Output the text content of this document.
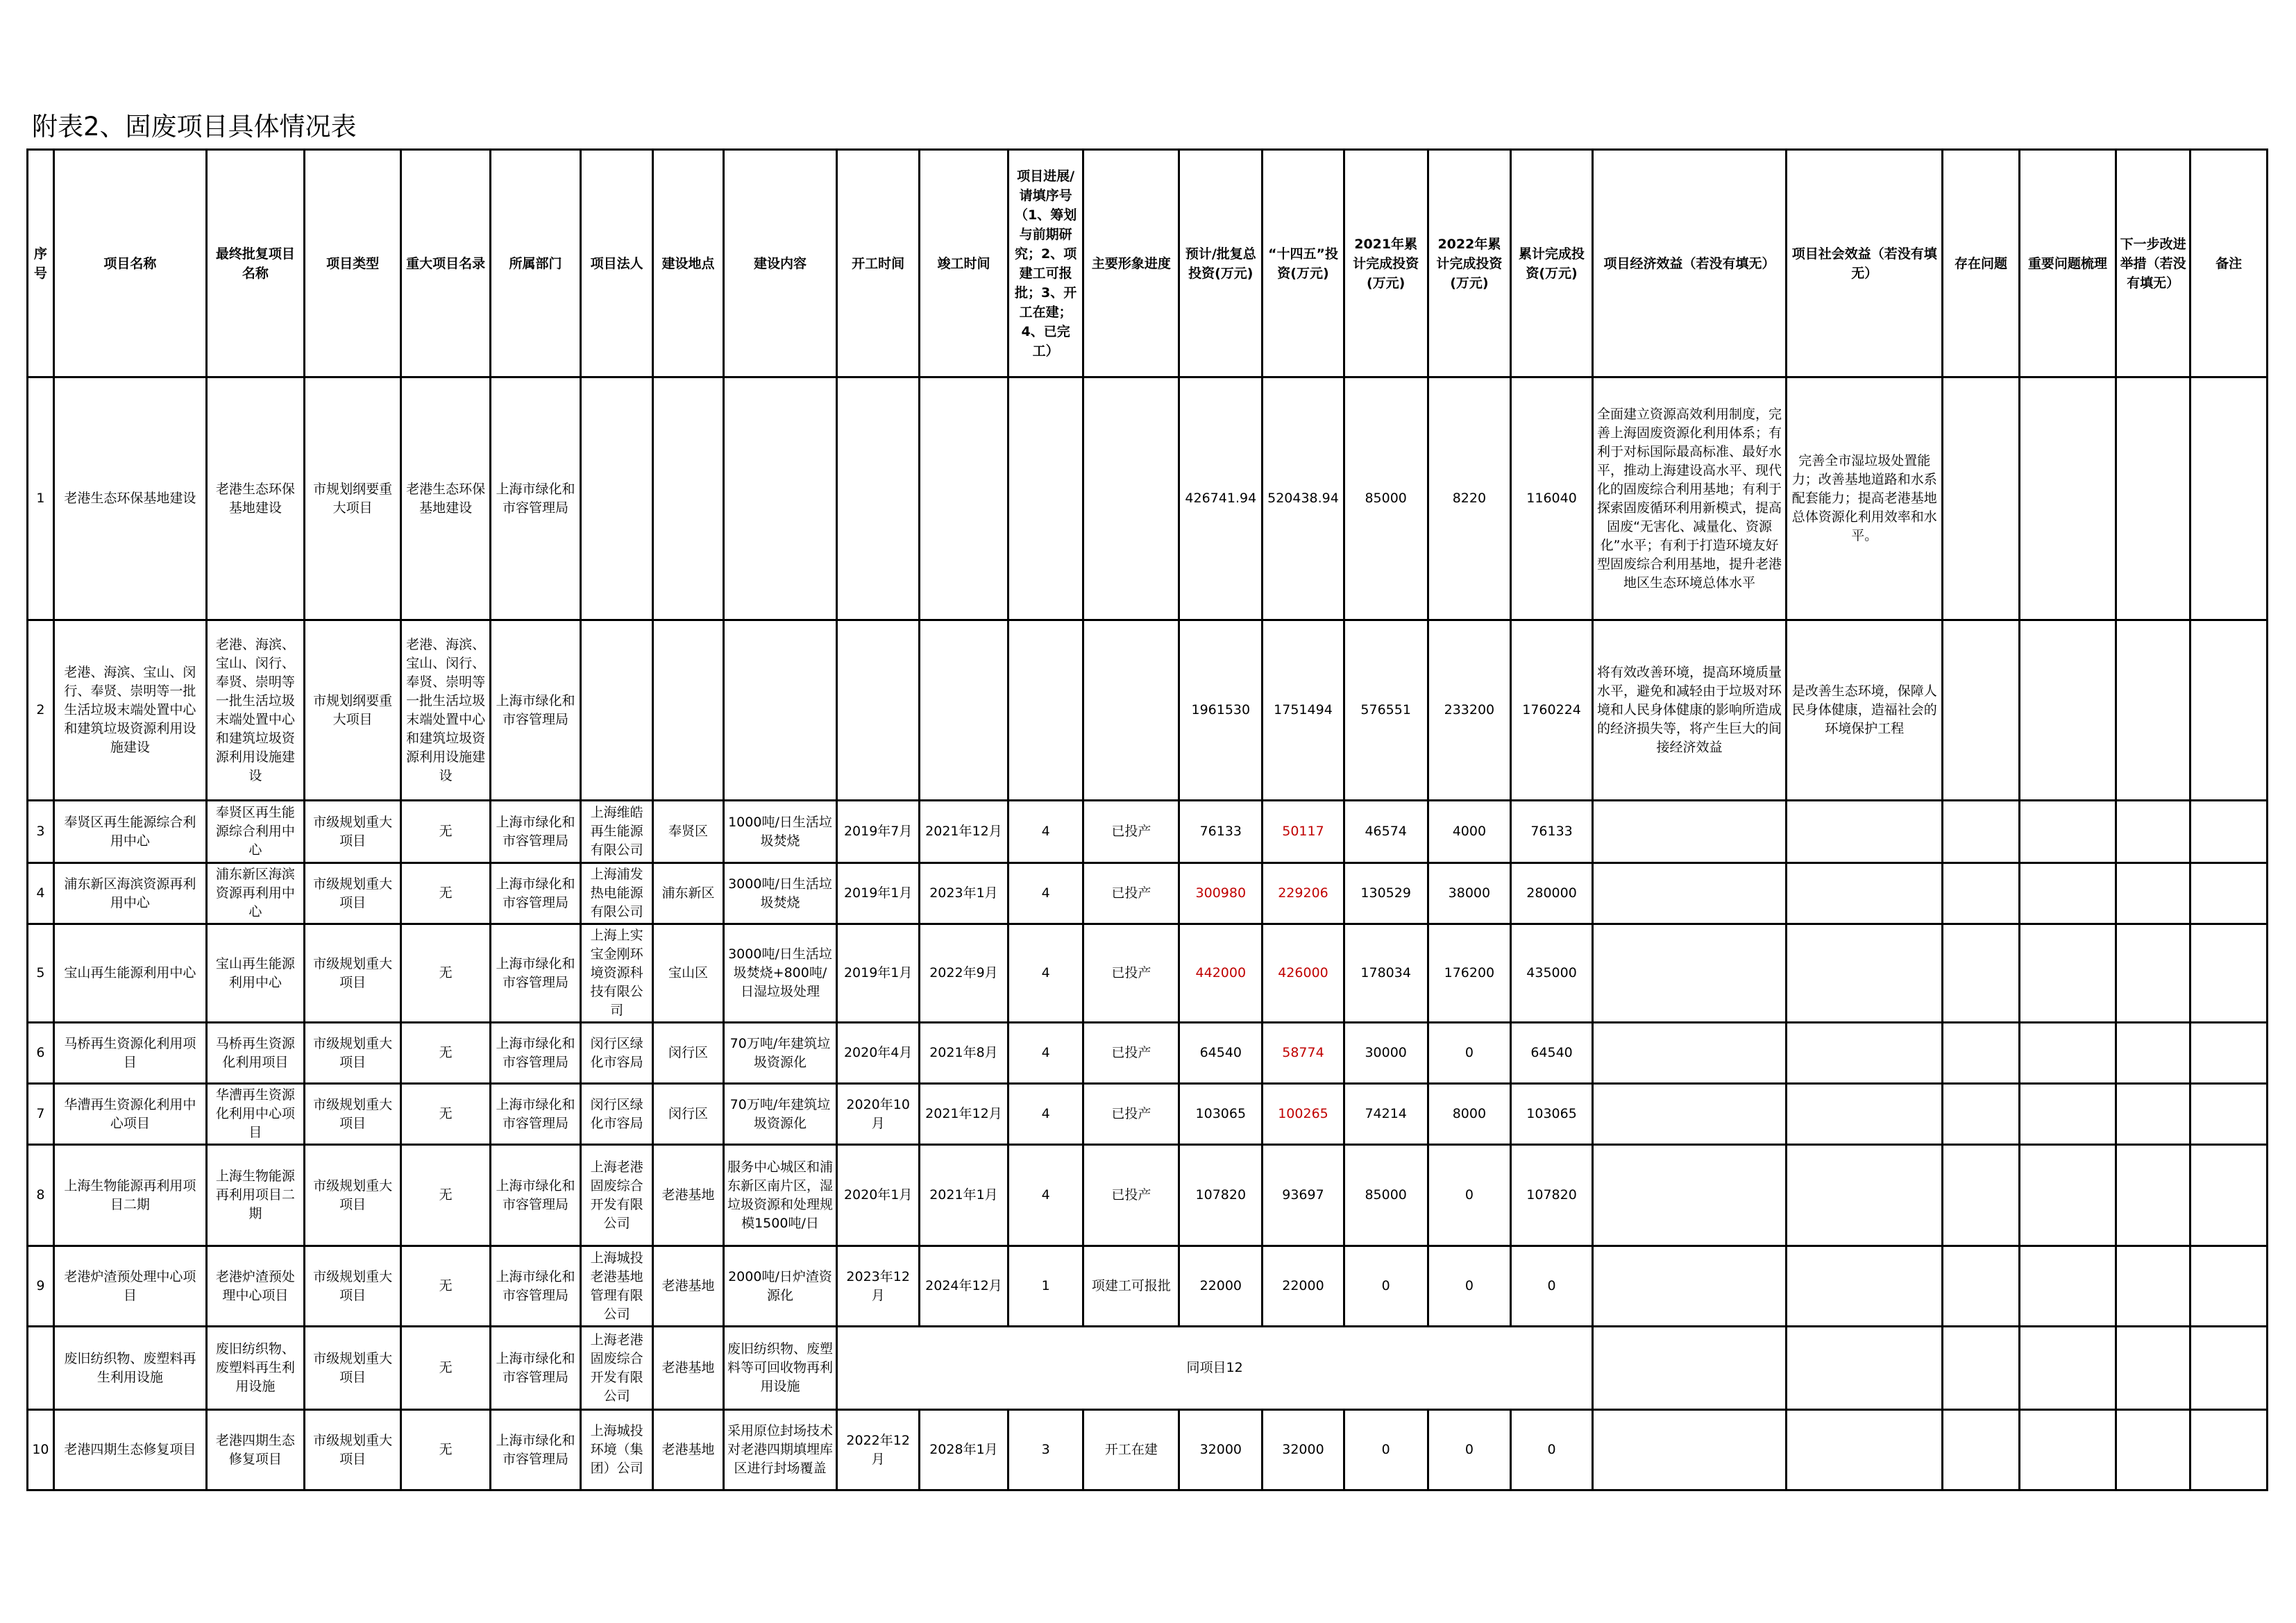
附表2、固废项目具体情况表
序号	项目名称	最终批复项目名称	项目类型	重大项目名录	所属部门	项目法人	建设地点	建设内容	开工时间	竣工时间	项目进展/请填序号（1、筹划与前期研究；2、项建工可报批；3、开工在建；4、已完工）	主要形象进度	预计/批复总投资(万元)	“十四五”投资(万元)	2021年累计完成投资(万元)	2022年累计完成投资(万元)	累计完成投资(万元)	项目经济效益（若没有填无）	项目社会效益（若没有填无）	存在问题	重要问题梳理	下一步改进举措（若没有填无）	备注
1	老港生态环保基地建设	老港生态环保基地建设	市规划纲要重大项目	老港生态环保基地建设	上海市绿化和市容管理局								426741.94	520438.94	85000	8220	116040	全面建立资源高效利用制度，完善上海固废资源化利用体系；有利于对标国际最高标准、最好水平，推动上海建设高水平、现代化的固废综合利用基地；有利于探索固废循环利用新模式，提高固废“无害化、减量化、资源化”水平；有利于打造环境友好型固废综合利用基地，提升老港地区生态环境总体水平	完善全市湿垃圾处置能力；改善基地道路和水系配套能力；提高老港基地总体资源化利用效率和水平。				
2	老港、海滨、宝山、闵行、奉贤、崇明等一批生活垃圾末端处置中心和建筑垃圾资源利用设施建设	老港、海滨、宝山、闵行、奉贤、崇明等一批生活垃圾末端处置中心和建筑垃圾资源利用设施建设	市规划纲要重大项目	老港、海滨、宝山、闵行、奉贤、崇明等一批生活垃圾末端处置中心和建筑垃圾资源利用设施建设	上海市绿化和市容管理局								1961530	1751494	576551	233200	1760224	将有效改善环境，提高环境质量水平，避免和减轻由于垃圾对环境和人民身体健康的影响所造成的经济损失等，将产生巨大的间接经济效益	是改善生态环境，保障人民身体健康，造福社会的环境保护工程				
3	奉贤区再生能源综合利用中心	奉贤区再生能源综合利用中心	市级规划重大项目	无	上海市绿化和市容管理局	上海维皓再生能源有限公司	奉贤区	1000吨/日生活垃圾焚烧	2019年7月	2021年12月	4	已投产	76133	50117	46574	4000	76133						
4	浦东新区海滨资源再利用中心	浦东新区海滨资源再利用中心	市级规划重大项目	无	上海市绿化和市容管理局	上海浦发热电能源有限公司	浦东新区	3000吨/日生活垃圾焚烧	2019年1月	2023年1月	4	已投产	300980	229206	130529	38000	280000						
5	宝山再生能源利用中心	宝山再生能源利用中心	市级规划重大项目	无	上海市绿化和市容管理局	上海上实宝金刚环境资源科技有限公司	宝山区	3000吨/日生活垃圾焚烧+800吨/日湿垃圾处理	2019年1月	2022年9月	4	已投产	442000	426000	178034	176200	435000						
6	马桥再生资源化利用项目	马桥再生资源化利用项目	市级规划重大项目	无	上海市绿化和市容管理局	闵行区绿化市容局	闵行区	70万吨/年建筑垃圾资源化	2020年4月	2021年8月	4	已投产	64540	58774	30000	0	64540						
7	华漕再生资源化利用中心项目	华漕再生资源化利用中心项目	市级规划重大项目	无	上海市绿化和市容管理局	闵行区绿化市容局	闵行区	70万吨/年建筑垃圾资源化	2020年10月	2021年12月	4	已投产	103065	100265	74214	8000	103065						
8	上海生物能源再利用项目二期	上海生物能源再利用项目二期	市级规划重大项目	无	上海市绿化和市容管理局	上海老港固废综合开发有限公司	老港基地	服务中心城区和浦东新区南片区，湿垃圾资源和处理规模1500吨/日	2020年1月	2021年1月	4	已投产	107820	93697	85000	0	107820						
9	老港炉渣预处理中心项目	老港炉渣预处理中心项目	市级规划重大项目	无	上海市绿化和市容管理局	上海城投老港基地管理有限公司	老港基地	2000吨/日炉渣资源化	2023年12月	2024年12月	1	项建工可报批	22000	22000	0	0	0						
	废旧纺织物、废塑料再生利用设施	废旧纺织物、废塑料再生利用设施	市级规划重大项目	无	上海市绿化和市容管理局	上海老港固废综合开发有限公司	老港基地	废旧纺织物、废塑料等可回收物再利用设施	同项目12														
10	老港四期生态修复项目	老港四期生态修复项目	市级规划重大项目	无	上海市绿化和市容管理局	上海城投环境（集团）公司	老港基地	采用原位封场技术对老港四期填埋库区进行封场覆盖	2022年12月	2028年1月	3	开工在建	32000	32000	0	0	0						
